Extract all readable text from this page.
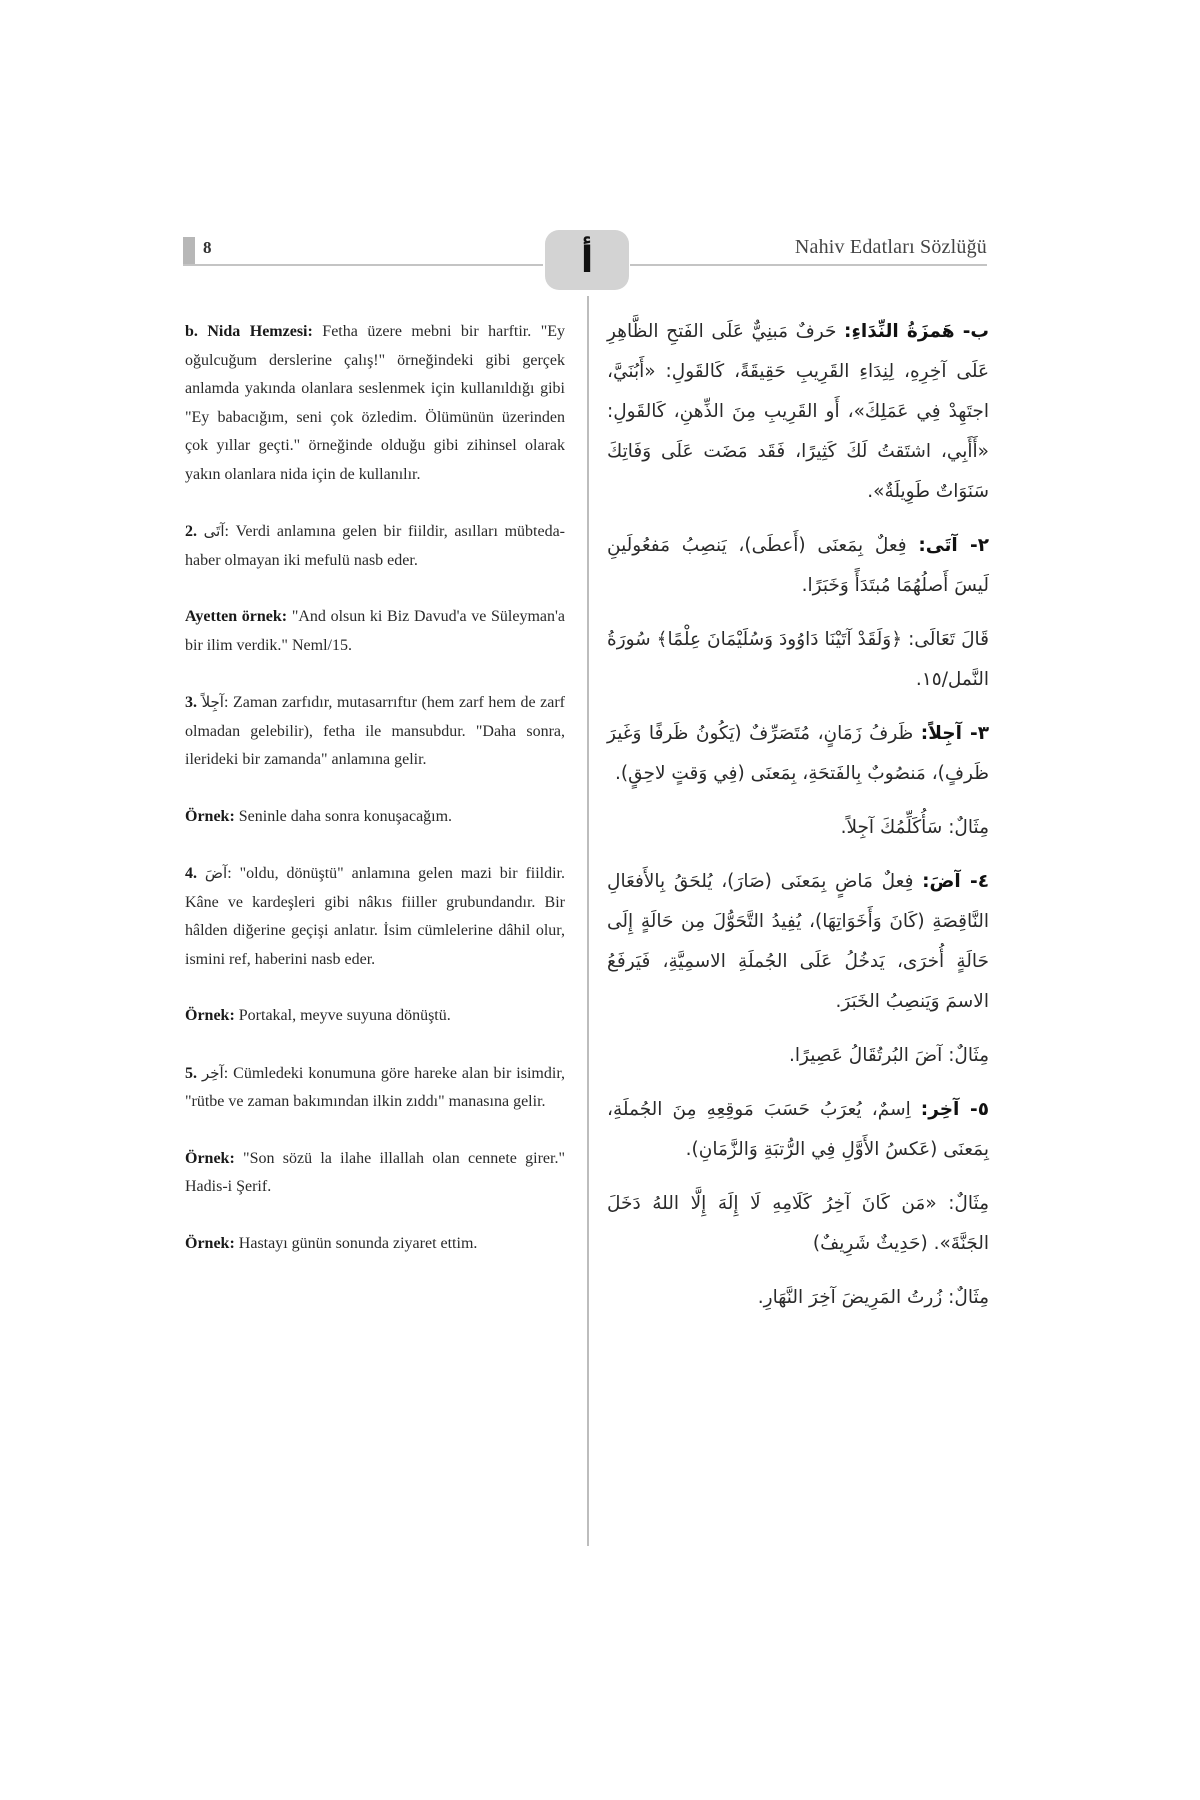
8	أ	Nahiv Edatları Sözlüğü

b. Nida Hemzesi: Fetha üzere mebni bir harftir. "Ey oğulcuğum derslerine çalış!" örneğindeki gibi gerçek anlamda yakında olanlara seslenmek için kullanıldığı gibi "Ey babacığım, seni çok özledim. Ölümünün üzerinden çok yıllar geçti." örneğinde olduğu gibi zihinsel olarak yakın olanlara nida için de kullanılır.

2. آتَى: Verdi anlamına gelen bir fiildir, asılları mübteda-haber olmayan iki mefulü nasb eder.

Ayetten örnek: "And olsun ki Biz Davud'a ve Süleyman'a bir ilim verdik." Neml/15.

3. آجِلاً: Zaman zarfıdır, mutasarrıftır (hem zarf hem de zarf olmadan gelebilir), fetha ile mansubdur. "Daha sonra, ilerideki bir zamanda" anlamına gelir.

Örnek: Seninle daha sonra konuşacağım.

4. آضَ: "oldu, dönüştü" anlamına gelen mazi bir fiildir. Kâne ve kardeşleri gibi nâkıs fiiller grubundandır. Bir hâlden diğerine geçişi anlatır. İsim cümlelerine dâhil olur, ismini ref, haberini nasb eder.

Örnek: Portakal, meyve suyuna dönüştü.

5. آخِر: Cümledeki konumuna göre hareke alan bir isimdir, "rütbe ve zaman bakımından ilkin zıddı" manasına gelir.

Örnek: "Son sözü la ilahe illallah olan cennete girer." Hadis-i Şerif.

Örnek: Hastayı günün sonunda ziyaret ettim.

ب- هَمزَةُ النِّدَاءِ: حَرفٌ مَبنِيٌّ عَلَى الفَتحِ الظَّاهِرِ عَلَى آخِرِهِ، لِنِدَاءِ القَرِيبِ حَقِيقَةً، كَالقَولِ: «أَبُنَيَّ، اجتَهِدْ فِي عَمَلِكَ»، أَو القَرِيبِ مِنَ الذِّهنِ، كَالقَولِ: «أَأَبِي، اشتَقتُ لَكَ كَثِيرًا، فَقَد مَضَت عَلَى وَفَاتِكَ سَنَوَاتٌ طَوِيلَةٌ».

٢- آتَى: فِعلٌ بِمَعنَى (أَعطَى)، يَنصِبُ مَفعُولَينِ لَيسَ أَصلُهُمَا مُبتَدَأً وَخَبَرًا.

قَالَ تَعَالَى: ﴿وَلَقَدْ آتَيْنَا دَاوُودَ وَسُلَيْمَانَ عِلْمًا﴾ سُورَةُ النَّمل/١٥.

٣- آجِلاً: ظَرفُ زَمَانٍ، مُتَصَرِّفٌ (يَكُونُ ظَرفًا وَغَيرَ ظَرفٍ)، مَنصُوبٌ بِالفَتحَةِ، بِمَعنَى (فِي وَقتٍ لاحِقٍ).

مِثَالٌ: سَأُكَلِّمُكَ آجِلاً.

٤- آضَ: فِعلٌ مَاضٍ بِمَعنَى (صَارَ)، يُلحَقُ بِالأَفعَالِ النَّاقِصَةِ (كَانَ وَأَخَوَاتِهَا)، يُفِيدُ التَّحَوُّلَ مِن حَالَةٍ إِلَى حَالَةٍ أُخرَى، يَدخُلُ عَلَى الجُملَةِ الاسمِيَّةِ، فَيَرفَعُ الاسمَ وَيَنصِبُ الخَبَرَ.

مِثَالٌ: آضَ البُرتُقَالُ عَصِيرًا.

٥- آخِر: اِسمٌ، يُعرَبُ حَسَبَ مَوقِعِهِ مِنَ الجُملَةِ، بِمَعنَى (عَكسُ الأَوَّلِ فِي الرُّتبَةِ وَالزَّمَانِ).

مِثَالٌ: «مَن كَانَ آخِرُ كَلَامِهِ لَا إِلَهَ إِلَّا اللهُ دَخَلَ الجَنَّةَ». (حَدِيثٌ شَرِيفٌ)

مِثَالٌ: زُرتُ المَرِيضَ آخِرَ النَّهَارِ.
